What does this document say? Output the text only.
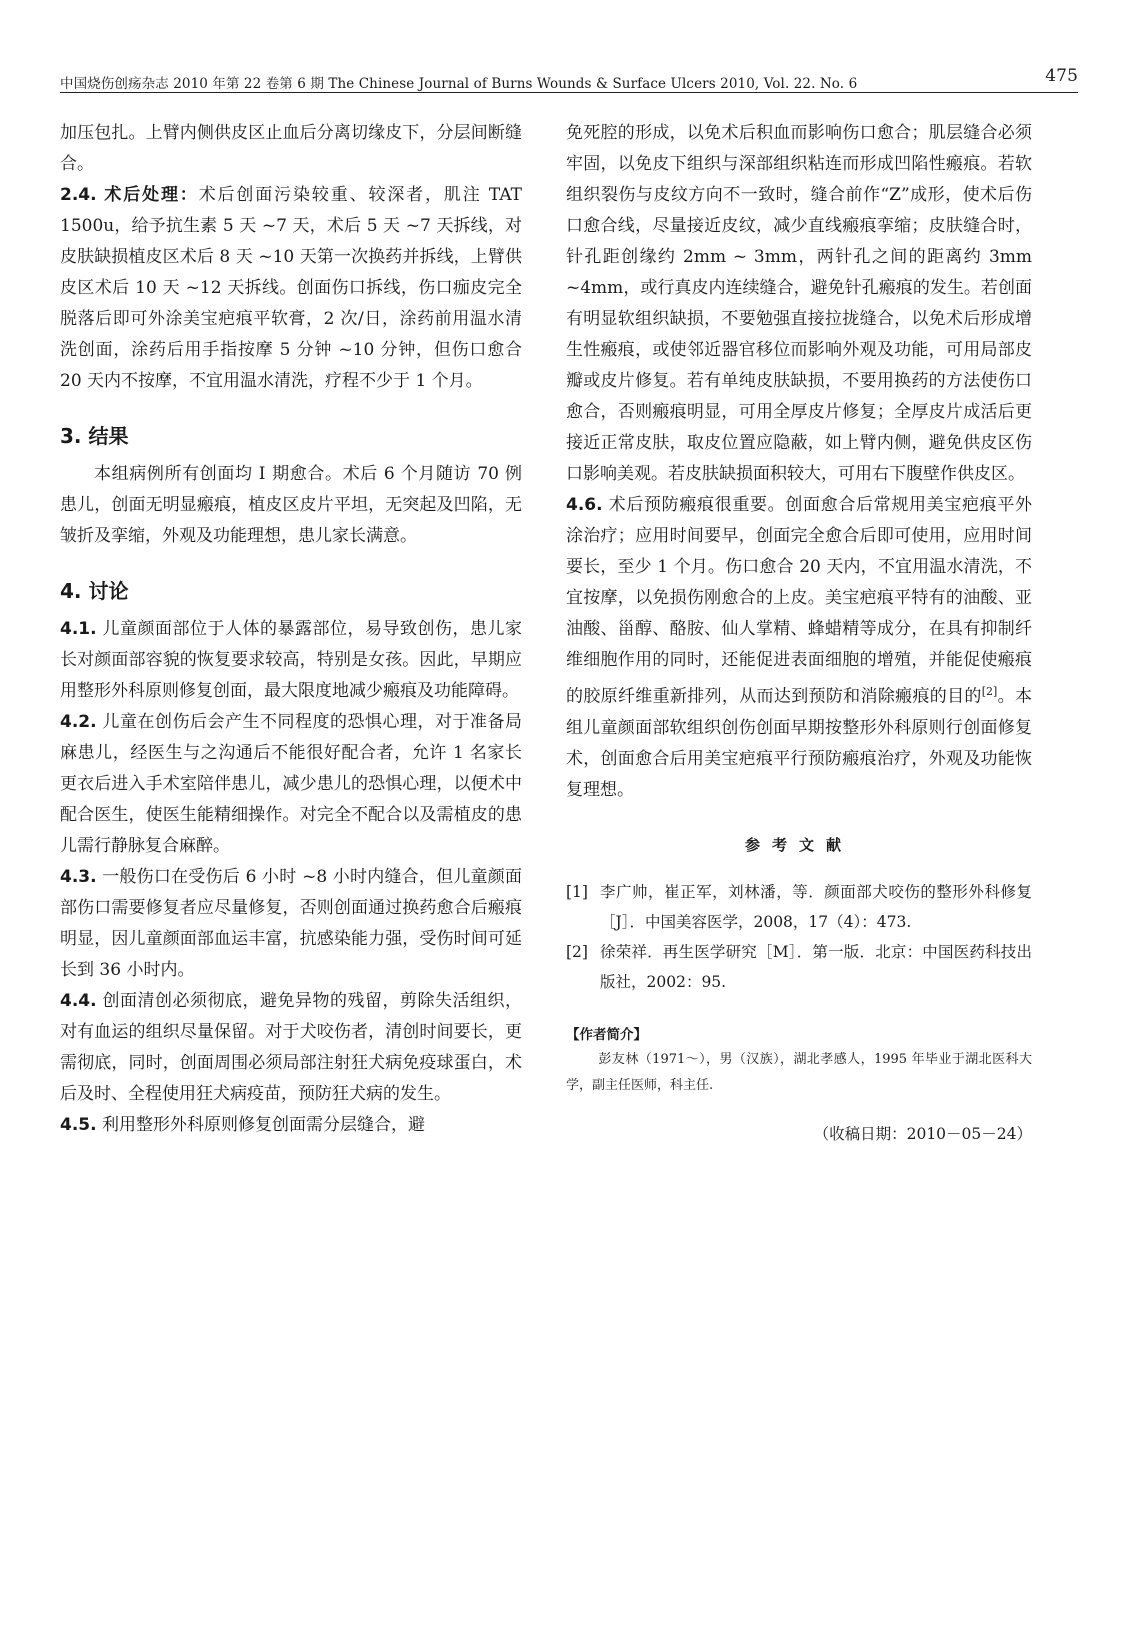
中国烧伤创疡杂志 2010 年第 22 卷第 6 期 The Chinese Journal of Burns Wounds & Surface Ulcers 2010, Vol. 22. No. 6	475

加压包扎。上臂内侧供皮区止血后分离切缘皮下，分层间断缝合。

2.4. 术后处理：术后创面污染较重、较深者，肌注 TAT 1500u，给予抗生素 5 天 ~7 天，术后 5 天 ~7 天拆线，对皮肤缺损植皮区术后 8 天 ~10 天第一次换药并拆线，上臂供皮区术后 10 天 ~12 天拆线。创面伤口拆线，伤口痂皮完全脱落后即可外涂美宝疤痕平软膏，2 次/日，涂药前用温水清洗创面，涂药后用手指按摩 5 分钟 ~10 分钟，但伤口愈合 20 天内不按摩，不宜用温水清洗，疗程不少于 1 个月。

3. 结果

本组病例所有创面均 Ⅰ 期愈合。术后 6 个月随访 70 例患儿，创面无明显瘢痕，植皮区皮片平坦，无突起及凹陷，无皱折及挛缩，外观及功能理想，患儿家长满意。

4. 讨论

4.1. 儿童颜面部位于人体的暴露部位，易导致创伤，患儿家长对颜面部容貌的恢复要求较高，特别是女孩。因此，早期应用整形外科原则修复创面，最大限度地减少瘢痕及功能障碍。

4.2. 儿童在创伤后会产生不同程度的恐惧心理，对于准备局麻患儿，经医生与之沟通后不能很好配合者，允许 1 名家长更衣后进入手术室陪伴患儿，减少患儿的恐惧心理，以便术中配合医生，使医生能精细操作。对完全不配合以及需植皮的患儿需行静脉复合麻醉。

4.3. 一般伤口在受伤后 6 小时 ~8 小时内缝合，但儿童颜面部伤口需要修复者应尽量修复，否则创面通过换药愈合后瘢痕明显，因儿童颜面部血运丰富，抗感染能力强，受伤时间可延长到 36 小时内。

4.4. 创面清创必须彻底，避免异物的残留，剪除失活组织，对有血运的组织尽量保留。对于犬咬伤者，清创时间要长，更需彻底，同时，创面周围必须局部注射狂犬病免疫球蛋白，术后及时、全程使用狂犬病疫苗，预防狂犬病的发生。

4.5. 利用整形外科原则修复创面需分层缝合，避

免死腔的形成，以免术后积血而影响伤口愈合；肌层缝合必须牢固，以免皮下组织与深部组织粘连而形成凹陷性瘢痕。若软组织裂伤与皮纹方向不一致时，缝合前作“Z”成形，使术后伤口愈合线，尽量接近皮纹，减少直线瘢痕挛缩；皮肤缝合时，针孔距创缘约 2mm ~ 3mm，两针孔之间的距离约 3mm ~4mm，或行真皮内连续缝合，避免针孔瘢痕的发生。若创面有明显软组织缺损，不要勉强直接拉拢缝合，以免术后形成增生性瘢痕，或使邻近器官移位而影响外观及功能，可用局部皮瓣或皮片修复。若有单纯皮肤缺损，不要用换药的方法使伤口愈合，否则瘢痕明显，可用全厚皮片修复；全厚皮片成活后更接近正常皮肤，取皮位置应隐蔽，如上臂内侧，避免供皮区伤口影响美观。若皮肤缺损面积较大，可用右下腹壁作供皮区。

4.6. 术后预防瘢痕很重要。创面愈合后常规用美宝疤痕平外涂治疗；应用时间要早，创面完全愈合后即可使用，应用时间要长，至少 1 个月。伤口愈合 20 天内，不宜用温水清洗，不宜按摩，以免损伤刚愈合的上皮。美宝疤痕平特有的油酸、亚油酸、甾醇、酪胺、仙人掌精、蜂蜡精等成分，在具有抑制纤维细胞作用的同时，还能促进表面细胞的增殖，并能促使瘢痕的胶原纤维重新排列，从而达到预防和消除瘢痕的目的[2]。本组儿童颜面部软组织创伤创面早期按整形外科原则行创面修复术，创面愈合后用美宝疤痕平行预防瘢痕治疗，外观及功能恢复理想。

参考文献
[1] 李广帅，崔正军，刘林潘，等．颜面部犬咬伤的整形外科修复［J］．中国美容医学，2008，17（4）：473.
[2] 徐荣祥．再生医学研究［M］．第一版．北京：中国医药科技出版社，2002：95.
【作者简介】
彭友林（1971～），男（汉族），湖北孝感人，1995 年毕业于湖北医科大学，副主任医师，科主任.
（收稿日期：2010－05－24）
